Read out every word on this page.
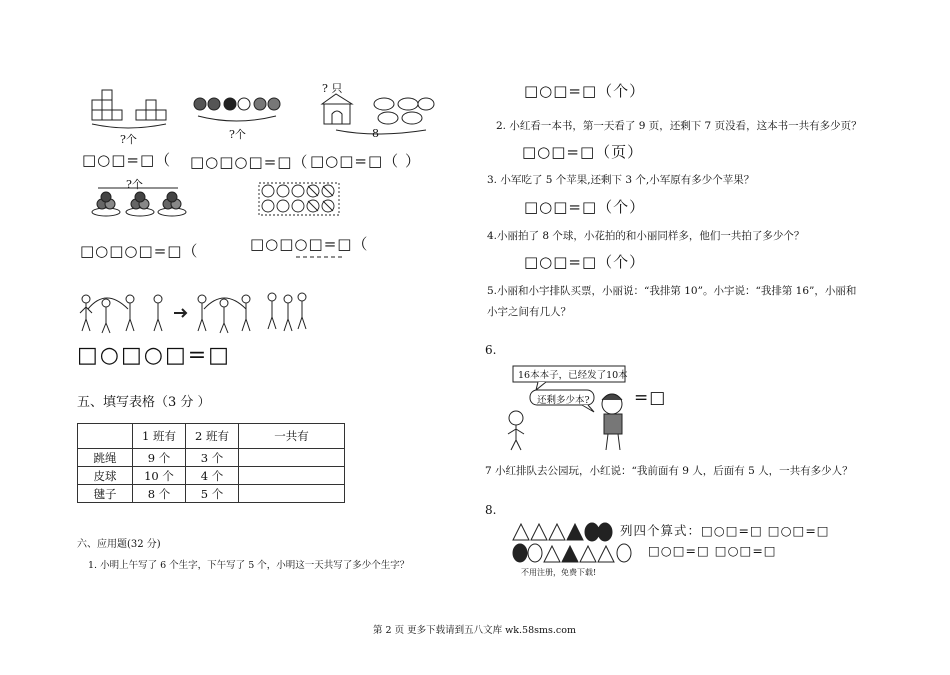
?个	?个
? 只
8
□○□=□（ □○□○□=□（ □○□=□（ ）
?个
□○□○□=□（	□○□○□=□（
□○□○□=□
五、填写表格（3 分 ）
	1 班有	2 班有	一共有
跳绳	9 个	3 个	
皮球	10 个	4 个	
毽子	8 个	5 个	
六、应用题(32 分)
1. 小明上午写了 6 个生字，下午写了 5 个，小明这一天共写了多少个生字？
□○□=□（个）
2. 小红看一本书，第一天看了 9 页，还剩下 7 页没看，这本书一共有多少页？
□○□=□（页）
3. 小军吃了 5 个苹果,还剩下 3 个,小军原有多少个苹果？
□○□=□（个）
4.小丽拍了 8 个球，小花拍的和小丽同样多，他们一共拍了多少个？
□○□=□（个）
5.小丽和小宇排队买票，小丽说：“我排第 10”。小宇说：“我排第 16”，小丽和
小宇之间有几人？
6.
16本本子，已经发了10本
还剩多少本?	=□
7 小红排队去公园玩，小红说：“我前面有 9 人，后面有 5 人，一共有多少人？
8.
列四个算式：□○□=□ □○□=□
□○□=□ □○□=□
不用注册，免费下载!
第 2 页 更多下载请到五八文库 wk.58sms.com
